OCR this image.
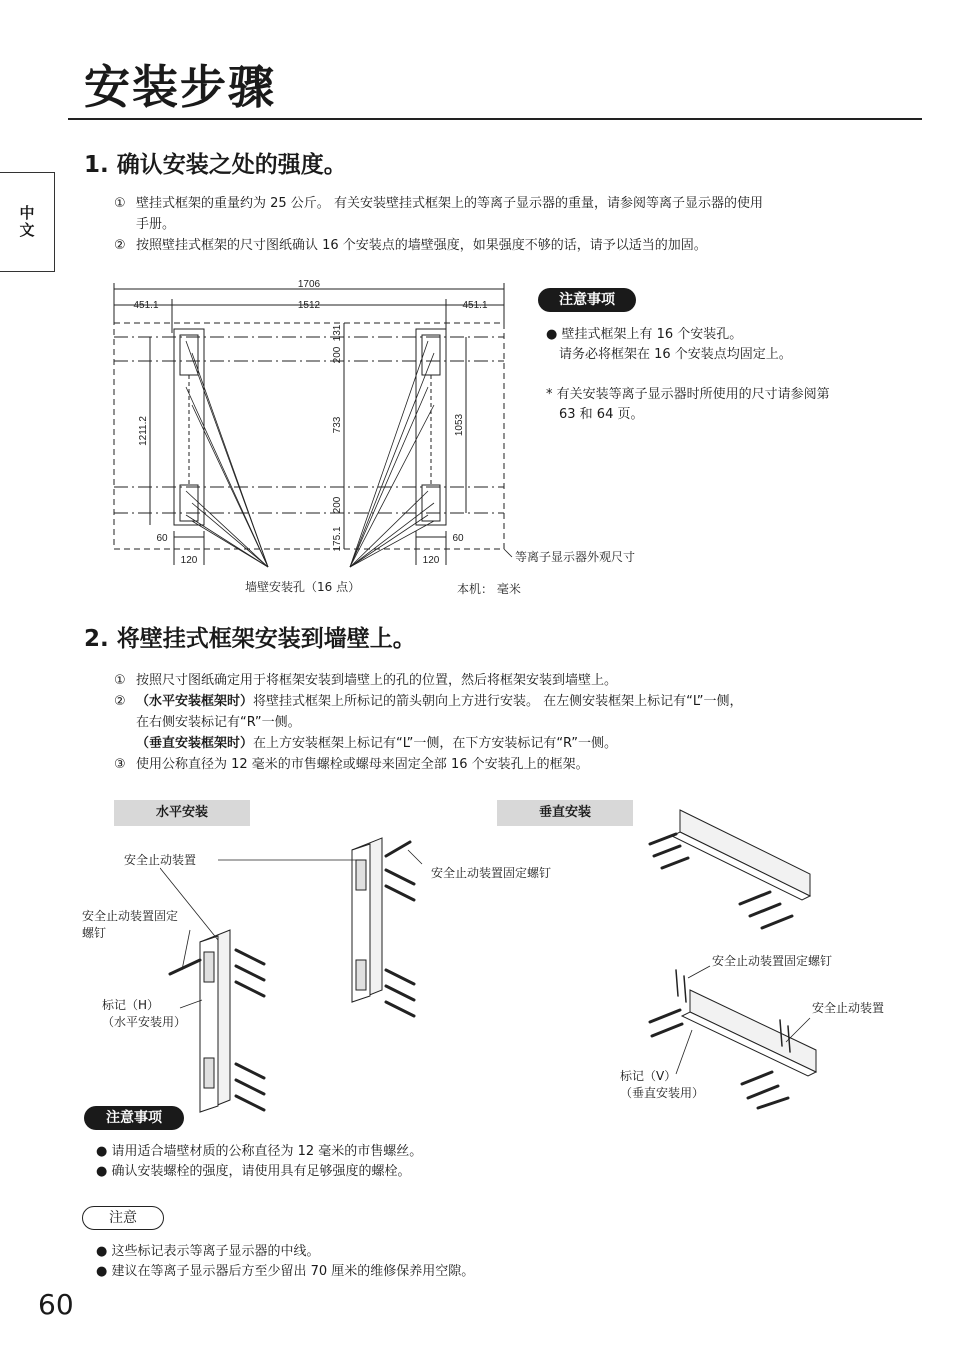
安装步骤
中文
1. 确认安装之处的强度。
① 壁挂式框架的重量约为 25 公斤。 有关安装壁挂式框架上的等离子显示器的重量，请参阅等离子显示器的使用
手册。
② 按照壁挂式框架的尺寸图纸确认 16 个安装点的墙壁强度，如果强度不够的话，请予以适当的加固。
1706
451.1	1512	451.1
1211.2
131
200
733
200
175.1
1053
60	60
120	120
墙壁安装孔（16 点）
等离子显示器外观尺寸
本机： 毫米
注意事项
● 壁挂式框架上有 16 个安装孔。
请务必将框架在 16 个安装点均固定上。
* 有关安装等离子显示器时所使用的尺寸请参阅第
63 和 64 页。
2. 将壁挂式框架安装到墙壁上。
① 按照尺寸图纸确定用于将框架安装到墙壁上的孔的位置，然后将框架安装到墙壁上。
② （水平安装框架时）将壁挂式框架上所标记的箭头朝向上方进行安装。 在左侧安装框架上标记有“L”一侧，
在右侧安装标记有“R”一侧。
（垂直安装框架时）在上方安装框架上标记有“L”一侧，在下方安装标记有“R”一侧。
③ 使用公称直径为 12 毫米的市售螺栓或螺母来固定全部 16 个安装孔上的框架。
水平安装	垂直安装
安全止动装置
安全止动装置固定螺钉
安全止动装置固定
螺钉
标记（H）
（水平安装用）
安全止动装置固定螺钉
安全止动装置
标记（V）
（垂直安装用）
注意事项
● 请用适合墙壁材质的公称直径为 12 毫米的市售螺丝。
● 确认安装螺栓的强度，请使用具有足够强度的螺栓。
注意
● 这些标记表示等离子显示器的中线。
● 建议在等离子显示器后方至少留出 70 厘米的维修保养用空隙。
60
